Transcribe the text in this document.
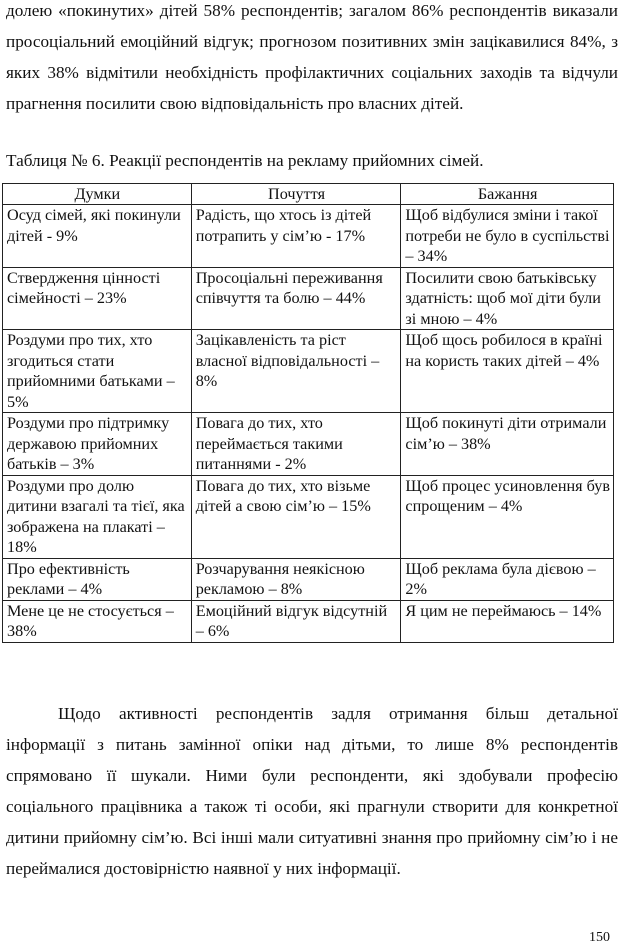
долею «покинутих» дітей 58% респондентів; загалом 86% респондентів виказали просоціальний емоційний відгук; прогнозом позитивних змін зацікавилися 84%, з яких 38% відмітили необхідність профілактичних соціальних заходів та відчули прагнення посилити свою відповідальність про власних дітей.

Таблиця № 6. Реакції респондентів на рекламу прийомних сімей.

Думки	Почуття	Бажання
Осуд сімей, які покинули дітей - 9%	Радість, що хтось із дітей потрапить у сім’ю - 17%	Щоб відбулися зміни і такої потреби не було в суспільстві – 34%
Ствердження цінності сімейності – 23%	Просоціальні переживання співчуття та болю – 44%	Посилити свою батьківську здатність: щоб мої діти були зі мною – 4%
Роздуми про тих, хто згодиться стати прийомними батьками – 5%	Зацікавленість та ріст власної відповідальності – 8%	Щоб щось робилося в країні на користь таких дітей – 4%
Роздуми про підтримку державою прийомних батьків – 3%	Повага до тих, хто переймається такими питаннями - 2%	Щоб покинуті діти отримали сім’ю – 38%
Роздуми про долю дитини взагалі та тієї, яка зображена на плакаті – 18%	Повага до тих, хто візьме дітей а свою сім’ю – 15%	Щоб процес усиновлення був спрощеним – 4%
Про ефективність реклами – 4%	Розчарування неякісною рекламою – 8%	Щоб реклама була дієвою – 2%
Мене це не стосується – 38%	Емоційний відгук відсутній – 6%	Я цим не переймаюсь – 14%

Щодо активності респондентів задля отримання більш детальної інформації з питань замінної опіки над дітьми, то лише 8% респондентів спрямовано її шукали. Ними були респонденти, які здобували професію соціального працівника а також ті особи, які прагнули створити для конкретної дитини прийомну сім’ю. Всі інші мали ситуативні знання про прийомну сім’ю і не переймалися достовірністю наявної у них інформації.

150
